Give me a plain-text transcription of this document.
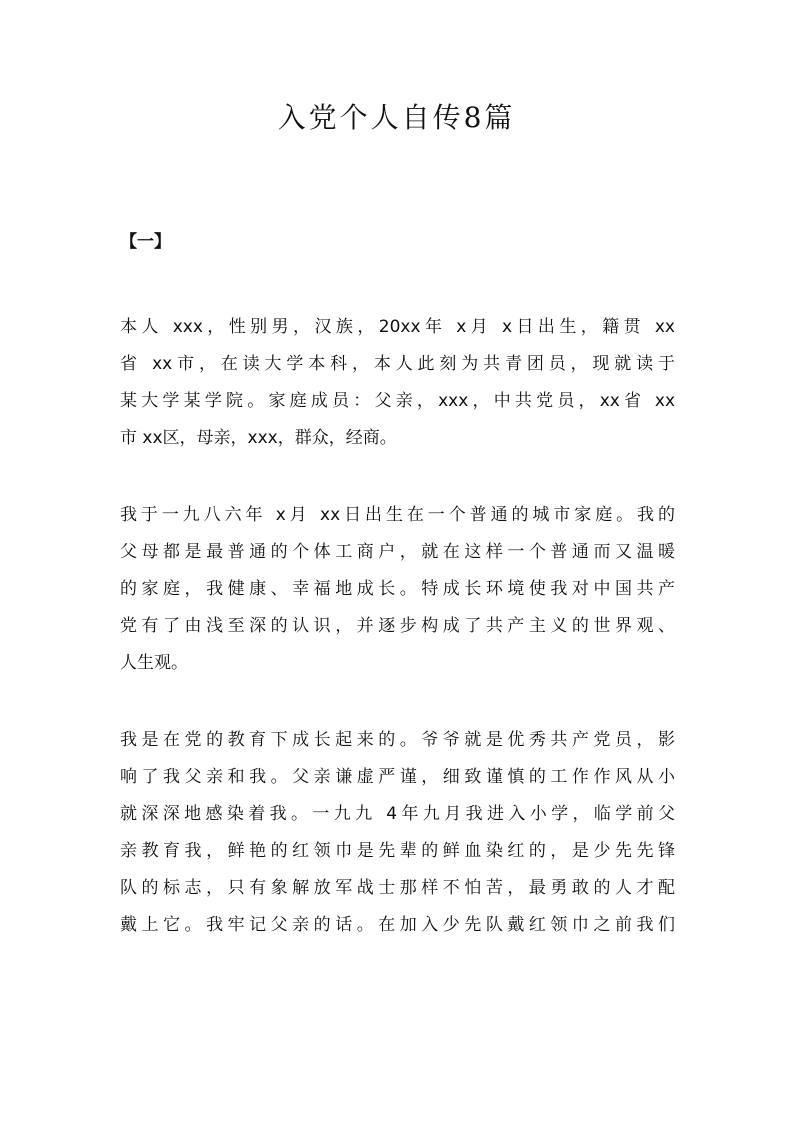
入党个人自传8篇
【一】

本人 xxx，性别男，汉族，20xx年 x月 x日出生，籍贯 xx
省 xx市，在读大学本科，本人此刻为共青团员，现就读于
某大学某学院。家庭成员：父亲，xxx，中共党员，xx省 xx
市 xx区，母亲，xxx，群众，经商。

我于一九八六年 x月 xx日出生在一个普通的城市家庭。我的
父母都是最普通的个体工商户，就在这样一个普通而又温暖
的家庭，我健康、幸福地成长。特成长环境使我对中国共产
党有了由浅至深的认识，并逐步构成了共产主义的世界观、
人生观。

我是在党的教育下成长起来的。爷爷就是优秀共产党员，影
响了我父亲和我。父亲谦虚严谨，细致谨慎的工作作风从小
就深深地感染着我。一九九 4年九月我进入小学，临学前父
亲教育我，鲜艳的红领巾是先辈的鲜血染红的，是少先先锋
队的标志，只有象解放军战士那样不怕苦，最勇敢的人才配
戴上它。我牢记父亲的话。在加入少先队戴红领巾之前我们
